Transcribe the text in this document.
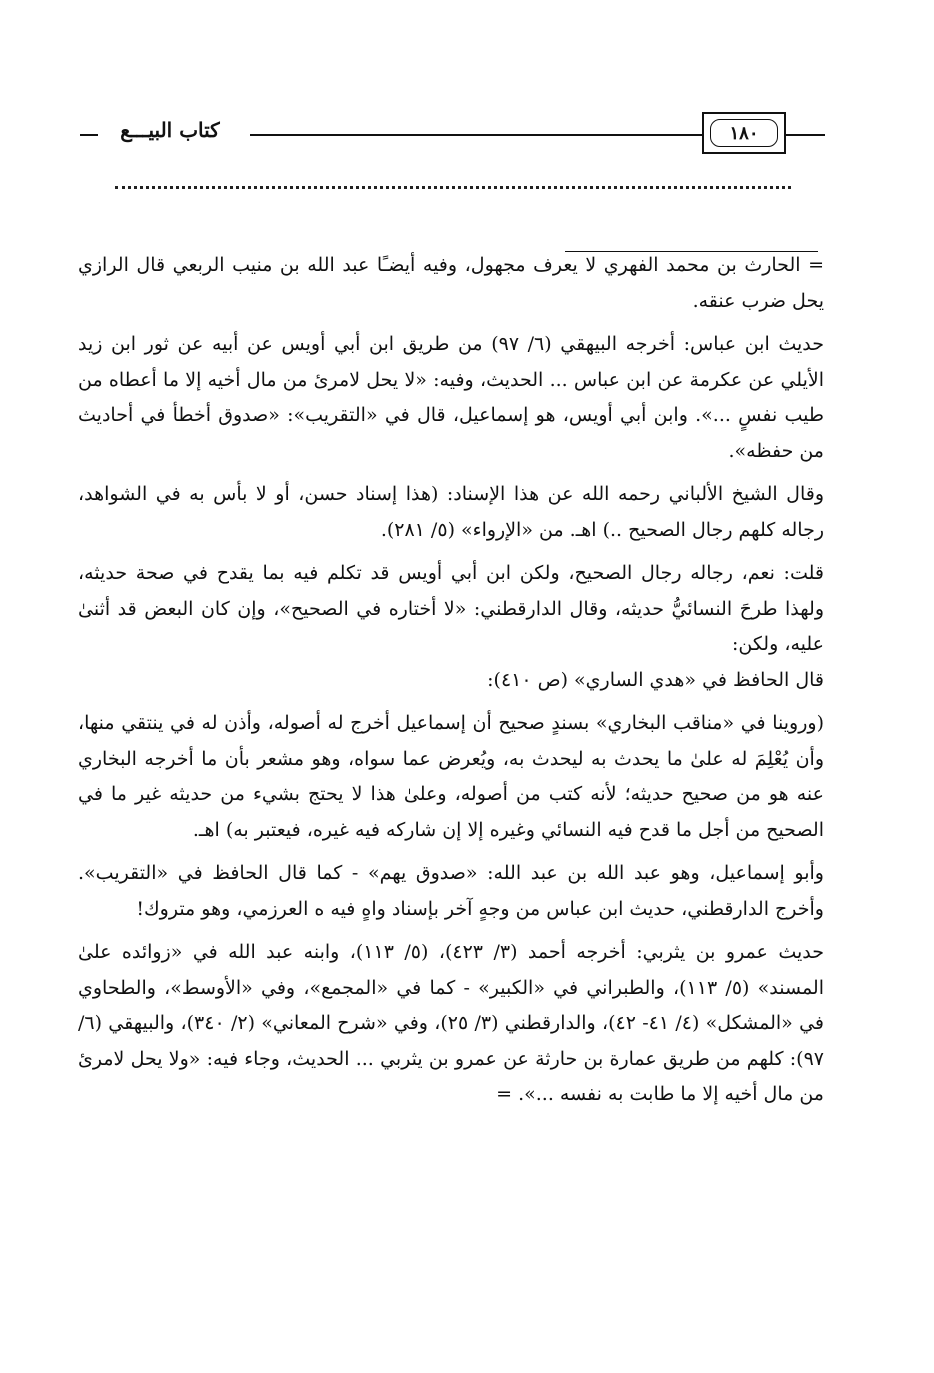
١٨٠
كتاب البيـــع

= الحارث بن محمد الفهري لا يعرف مجهول، وفيه أيضـًا عبد الله بن منيب الربعي قال الرازي يحل ضرب عنقه.

حديث ابن عباس: أخرجه البيهقي (٦/ ٩٧) من طريق ابن أبي أويس عن أبيه عن ثور ابن زيد الأيلي عن عكرمة عن ابن عباس ... الحديث، وفيه: «لا يحل لامرئ من مال أخيه إلا ما أعطاه من طيب نفسٍ ...». وابن أبي أويس، هو إسماعيل، قال في «التقريب»: «صدوق أخطأ في أحاديث من حفظه».

وقال الشيخ الألباني رحمه الله عن هذا الإسناد: (هذا إسناد حسن، أو لا بأس به في الشواهد، رجاله كلهم رجال الصحيح ..) اهـ. من «الإرواء» (٥/ ٢٨١).

قلت: نعم، رجاله رجال الصحيح، ولكن ابن أبي أويس قد تكلم فيه بما يقدح في صحة حديثه، ولهذا طرحَ النسائيُّ حديثه، وقال الدارقطني: «لا أختاره في الصحيح»، وإن كان البعض قد أثنىٰ عليه، ولكن:

قال الحافظ في «هدي الساري» (ص ٤١٠):

(وروينا في «مناقب البخاري» بسندٍ صحيح أن إسماعيل أخرج له أصوله، وأذن له في ينتقي منها، وأن يُعْلِمَ له علىٰ ما يحدث به ليحدث به، ويُعرض عما سواه، وهو مشعر بأن ما أخرجه البخاري عنه هو من صحيح حديثه؛ لأنه كتب من أصوله، وعلىٰ هذا لا يحتج بشيء من حديثه غير ما في الصحيح من أجل ما قدح فيه النسائي وغيره إلا إن شاركه فيه غيره، فيعتبر به) اهـ.

وأبو إسماعيل، وهو عبد الله بن عبد الله: «صدوق يهم» - كما قال الحافظ في «التقريب». وأخرج الدارقطني، حديث ابن عباس من وجهٍ آخر بإسناد واهٍ فيه ه العرزمي، وهو متروك!

حديث عمرو بن يثربي: أخرجه أحمد (٣/ ٤٢٣)، (٥/ ١١٣)، وابنه عبد الله في «زوائده علىٰ المسند» (٥/ ١١٣)، والطبراني في «الكبير» - كما في «المجمع»، وفي «الأوسط»، والطحاوي في «المشكل» (٤/ ٤١- ٤٢)، والدارقطني (٣/ ٢٥)، وفي «شرح المعاني» (٢/ ٣٤٠)، والبيهقي (٦/ ٩٧): كلهم من طريق عمارة بن حارثة عن عمرو بن يثربي ... الحديث، وجاء فيه: «ولا يحل لامرئ من مال أخيه إلا ما طابت به نفسه ...». =
